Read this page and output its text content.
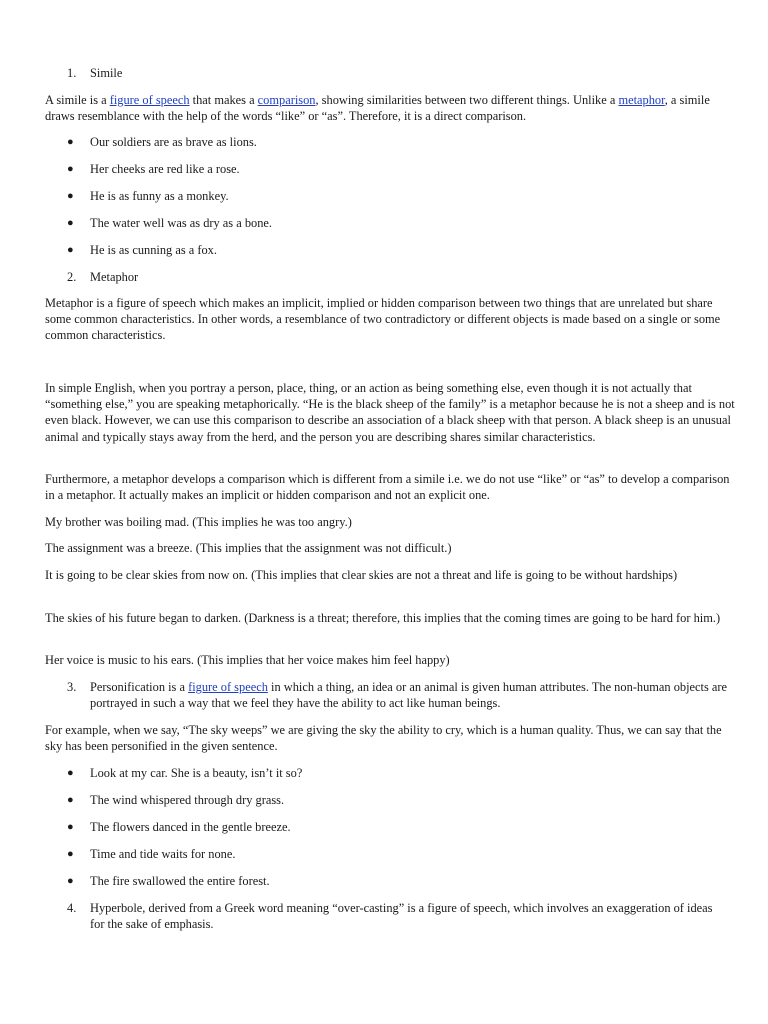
1. Simile

A simile is a figure of speech that makes a comparison, showing similarities between two different things. Unlike a metaphor, a simile draws resemblance with the help of the words “like” or “as”. Therefore, it is a direct comparison.

● Our soldiers are as brave as lions.
● Her cheeks are red like a rose.
● He is as funny as a monkey.
● The water well was as dry as a bone.
● He is as cunning as a fox.
2. Metaphor

Metaphor is a figure of speech which makes an implicit, implied or hidden comparison between two things that are unrelated but share some common characteristics. In other words, a resemblance of two contradictory or different objects is made based on a single or some common characteristics.

In simple English, when you portray a person, place, thing, or an action as being something else, even though it is not actually that “something else,” you are speaking metaphorically. “He is the black sheep of the family” is a metaphor because he is not a sheep and is not even black. However, we can use this comparison to describe an association of a black sheep with that person. A black sheep is an unusual animal and typically stays away from the herd, and the person you are describing shares similar characteristics.

Furthermore, a metaphor develops a comparison which is different from a simile i.e. we do not use “like” or “as” to develop a comparison in a metaphor. It actually makes an implicit or hidden comparison and not an explicit one.

My brother was boiling mad. (This implies he was too angry.)

The assignment was a breeze. (This implies that the assignment was not difficult.)

It is going to be clear skies from now on. (This implies that clear skies are not a threat and life is going to be without hardships)

The skies of his future began to darken. (Darkness is a threat; therefore, this implies that the coming times are going to be hard for him.)

Her voice is music to his ears. (This implies that her voice makes him feel happy)

3. Personification is a figure of speech in which a thing, an idea or an animal is given human attributes. The non-human objects are portrayed in such a way that we feel they have the ability to act like human beings.

For example, when we say, “The sky weeps” we are giving the sky the ability to cry, which is a human quality. Thus, we can say that the sky has been personified in the given sentence.

● Look at my car. She is a beauty, isn’t it so?
● The wind whispered through dry grass.
● The flowers danced in the gentle breeze.
● Time and tide waits for none.
● The fire swallowed the entire forest.
4. Hyperbole, derived from a Greek word meaning “over-casting” is a figure of speech, which involves an exaggeration of ideas for the sake of emphasis.
